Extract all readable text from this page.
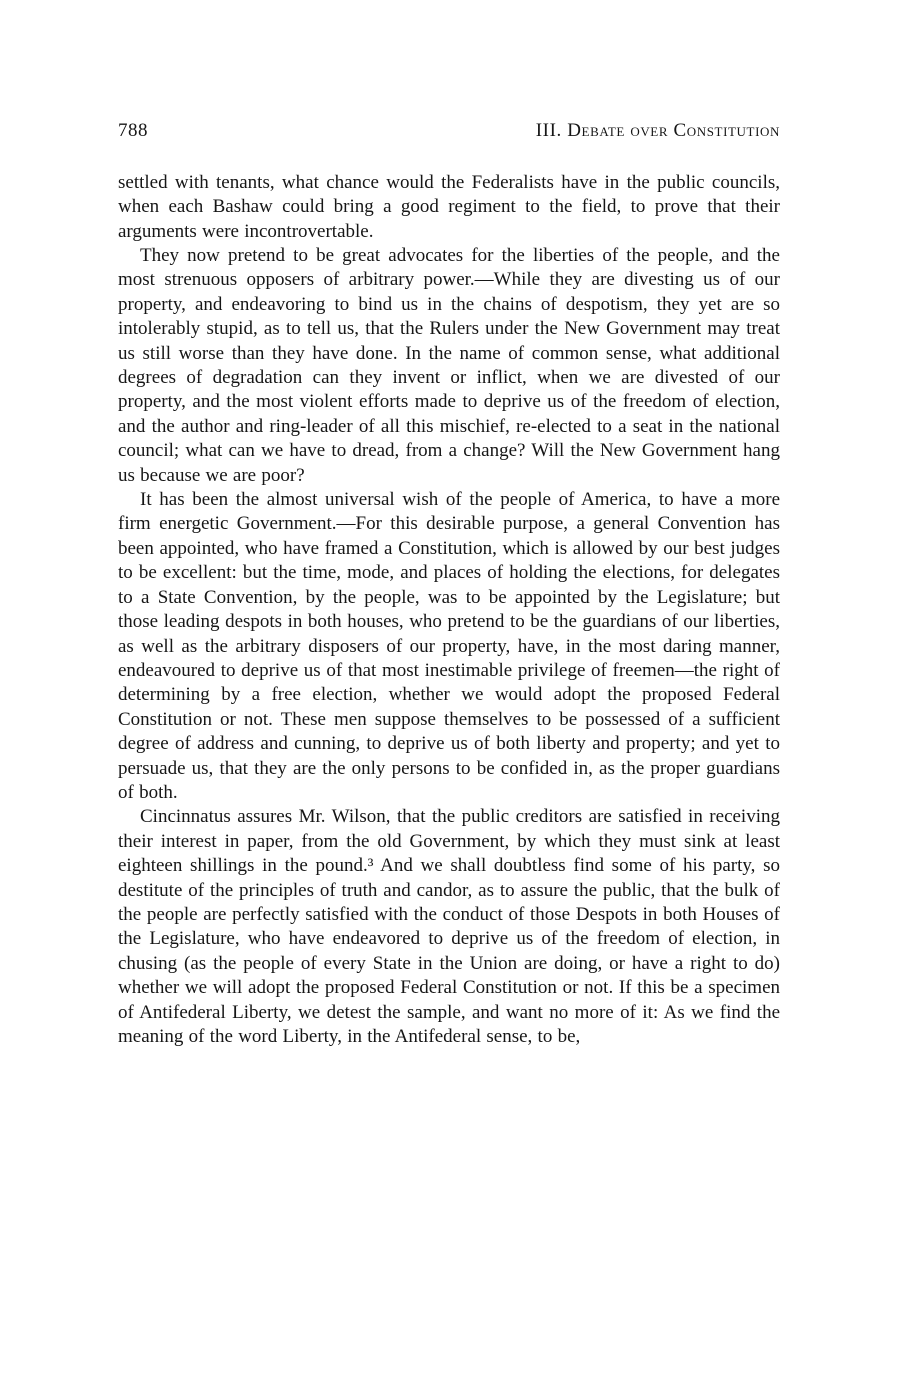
788	III. Debate over Constitution

settled with tenants, what chance would the Federalists have in the public councils, when each Bashaw could bring a good regiment to the field, to prove that their arguments were incontrovertable.

They now pretend to be great advocates for the liberties of the people, and the most strenuous opposers of arbitrary power.—While they are divesting us of our property, and endeavoring to bind us in the chains of despotism, they yet are so intolerably stupid, as to tell us, that the Rulers under the New Government may treat us still worse than they have done. In the name of common sense, what additional degrees of degradation can they invent or inflict, when we are divested of our property, and the most violent efforts made to deprive us of the freedom of election, and the author and ring-leader of all this mischief, re-elected to a seat in the national council; what can we have to dread, from a change? Will the New Government hang us because we are poor?

It has been the almost universal wish of the people of America, to have a more firm energetic Government.—For this desirable purpose, a general Convention has been appointed, who have framed a Constitution, which is allowed by our best judges to be excellent: but the time, mode, and places of holding the elections, for delegates to a State Convention, by the people, was to be appointed by the Legislature; but those leading despots in both houses, who pretend to be the guardians of our liberties, as well as the arbitrary disposers of our property, have, in the most daring manner, endeavoured to deprive us of that most inestimable privilege of freemen—the right of determining by a free election, whether we would adopt the proposed Federal Constitution or not. These men suppose themselves to be possessed of a sufficient degree of address and cunning, to deprive us of both liberty and property; and yet to persuade us, that they are the only persons to be confided in, as the proper guardians of both.

Cincinnatus assures Mr. Wilson, that the public creditors are satisfied in receiving their interest in paper, from the old Government, by which they must sink at least eighteen shillings in the pound.³ And we shall doubtless find some of his party, so destitute of the principles of truth and candor, as to assure the public, that the bulk of the people are perfectly satisfied with the conduct of those Despots in both Houses of the Legislature, who have endeavored to deprive us of the freedom of election, in chusing (as the people of every State in the Union are doing, or have a right to do) whether we will adopt the proposed Federal Constitution or not. If this be a specimen of Antifederal Liberty, we detest the sample, and want no more of it: As we find the meaning of the word Liberty, in the Antifederal sense, to be,
